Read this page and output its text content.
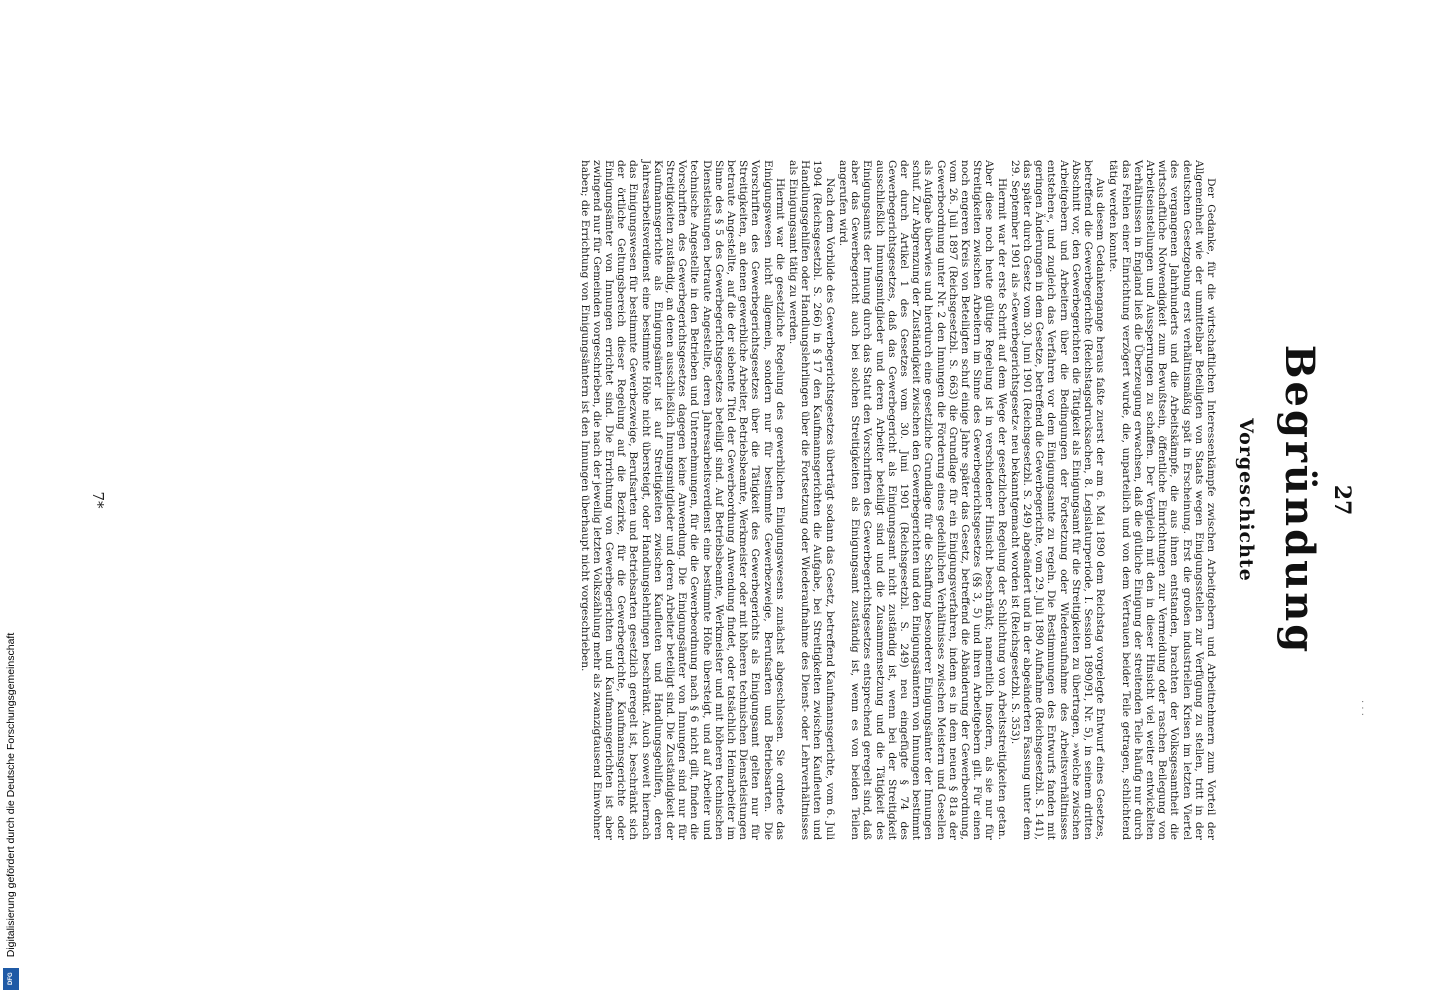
· · ·
27
Begründung
Vorgeschichte

Der Gedanke, für die wirtschaftlichen Interessenkämpfe zwischen Arbeitgebern und Arbeitnehmern zum Vorteil der Allgemeinheit wie der unmittelbar Beteiligten von Staats wegen Einigungsstellen zur Verfügung zu stellen, tritt in der deutschen Gesetzgebung erst verhältnismäßig spät in Erscheinung. Erst die großen industriellen Krisen im letzten Viertel des vergangenen Jahrhunderts und die Arbeitskämpfe, die aus ihnen entstanden, brachten der Volksgesamtheit die wirtschaftliche Notwendigkeit zum Bewußtsein, öffentliche Einrichtungen zur Vermeidung oder raschen Beilegung von Arbeitseinstellungen und Aussperrungen zu schaffen. Der Vergleich mit den in dieser Hinsicht viel weiter entwickelten Verhältnissen in England ließ die Überzeugung erwachsen, daß die gütliche Einigung der streitenden Teile häufig nur durch das Fehlen einer Einrichtung verzögert wurde, die, unparteilich und von dem Vertrauen beider Teile getragen, schlichtend tätig werden konnte.

Aus diesem Gedankengange heraus faßte zuerst der am 6. Mai 1890 dem Reichstag vorgelegte Entwurf eines Gesetzes, betreffend die Gewerbegerichte (Reichstagsdrucksachen, 8. Legislaturperiode, I. Session 1890/91, Nr. 5), in seinem dritten Abschnitt vor, den Gewerbegerichten die Tätigkeit als Einigungsamt für die Streitigkeiten zu übertragen, »welche zwischen Arbeitgebern und Arbeitern über die Bedingungen der Fortsetzung oder Wiederaufnahme des Arbeitsverhältnisses entstehen«, und zugleich das Verfahren vor dem Einigungsamte zu regeln. Die Bestimmungen des Entwurfs fanden mit geringen Änderungen in dem Gesetze, betreffend die Gewerbegerichte, vom 29. Juli 1890 Aufnahme (Reichsgesetzbl. S. 141), das später durch Gesetz vom 30. Juni 1901 (Reichsgesetzbl. S. 249) abgeändert und in der abgeänderten Fassung unter dem 29. September 1901 als »Gewerbegerichtsgesetz« neu bekanntgemacht worden ist (Reichsgesetzbl. S. 353).

Hiermit war der erste Schritt auf dem Wege der gesetzlichen Regelung der Schlichtung von Arbeitsstreitigkeiten getan. Aber diese noch heute gültige Regelung ist in verschiedener Hinsicht beschränkt; namentlich insofern, als sie nur für Streitigkeiten zwischen Arbeitern im Sinne des Gewerbegerichtsgesetzes (§§ 3, 5) und ihren Arbeitgebern gilt. Für einen noch engeren Kreis von Beteiligten schuf einige Jahre später das Gesetz, betreffend die Abänderung der Gewerbeordnung, vom 26. Juli 1897 (Reichsgesetzbl. S. 663) die Grundlage für ein Einigungsverfahren, indem es in dem neuen § 81a der Gewerbeordnung unter Nr. 2 den Innungen die Förderung eines gedeihlichen Verhältnisses zwischen Meistern und Gesellen als Aufgabe überwies und hierdurch eine gesetzliche Grundlage für die Schaffung besonderer Einigungsämter der Innungen schuf. Zur Abgrenzung der Zuständigkeit zwischen den Gewerbegerichten und den Einigungsämtern von Innungen bestimmt der durch Artikel 1 des Gesetzes vom 30. Juni 1901 (Reichsgesetzbl. S. 249) neu eingefügte § 74 des Gewerbegerichtsgesetzes, daß das Gewerbegericht als Einigungsamt nicht zuständig ist, wenn bei der Streitigkeit ausschließlich Innungsmitglieder und deren Arbeiter beteiligt sind und die Zusammensetzung und die Tätigkeit des Einigungsamts der Innung durch das Statut den Vorschriften des Gewerbegerichtsgesetzes entsprechend geregelt sind, daß aber das Gewerbegericht auch bei solchen Streitigkeiten als Einigungsamt zuständig ist, wenn es von beiden Teilen angerufen wird.

Nach dem Vorbilde des Gewerbegerichtsgesetzes überträgt sodann das Gesetz, betreffend Kaufmannsgerichte, vom 6. Juli 1904 (Reichsgesetzbl. S. 266) in § 17 den Kaufmannsgerichten die Aufgabe, bei Streitigkeiten zwischen Kaufleuten und Handlungsgehilfen oder Handlungslehrlingen über die Fortsetzung oder Wiederaufnahme des Dienst- oder Lehrverhältnisses als Einigungsamt tätig zu werden.

Hiermit war die gesetzliche Regelung des gewerblichen Einigungswesens zunächst abgeschlossen. Sie ordnete das Einigungswesen nicht allgemein, sondern nur für bestimmte Gewerbezweige, Berufsarten und Betriebsarten. Die Vorschriften des Gewerbegerichtsgesetzes über die Tätigkeit des Gewerbegerichts als Einigungsamt gelten nur für Streitigkeiten, an denen gewerbliche Arbeiter, Betriebsbeamte, Werkmeister oder mit höheren technischen Dienstleistungen betraute Angestellte, auf die der siebente Titel der Gewerbeordnung Anwendung findet, oder tatsächlich Heimarbeiter im Sinne des § 5 des Gewerbegerichtsgesetzes beteiligt sind. Auf Betriebsbeamte, Werkmeister und mit höheren technischen Dienstleistungen betraute Angestellte, deren Jahresarbeitsverdienst eine bestimmte Höhe übersteigt, und auf Arbeiter und technische Angestellte in den Betrieben und Unternehmungen, für die die Gewerbeordnung nach § 6 nicht gilt, finden die Vorschriften des Gewerbegerichtsgesetzes dagegen keine Anwendung. Die Einigungsämter von Innungen sind nur für Streitigkeiten zuständig, an denen ausschließlich Innungsmitglieder und deren Arbeiter beteiligt sind. Die Zuständigkeit der Kaufmannsgerichte als Einigungsämter ist auf Streitigkeiten zwischen Kaufleuten und Handlungsgehilfen, deren Jahresarbeitsverdienst eine bestimmte Höhe nicht übersteigt, oder Handlungslehrlingen beschränkt. Auch soweit hiernach das Einigungswesen für bestimmte Gewerbezweige, Berufsarten und Betriebsarten gesetzlich geregelt ist, beschränkt sich der örtliche Geltungsbereich dieser Regelung auf die Bezirke, für die Gewerbegerichte, Kaufmannsgerichte oder Einigungsämter von Innungen errichtet sind. Die Errichtung von Gewerbegerichten und Kaufmannsgerichten ist aber zwingend nur für Gemeinden vorgeschrieben, die nach der jeweilig letzten Volkszählung mehr als zwanzigtausend Einwohner haben; die Errichtung von Einigungsämtern ist den Innungen überhaupt nicht vorgeschrieben.

7*
Digitalisierung gefördert durch die Deutsche Forschungsgemeinschaft
DFG
